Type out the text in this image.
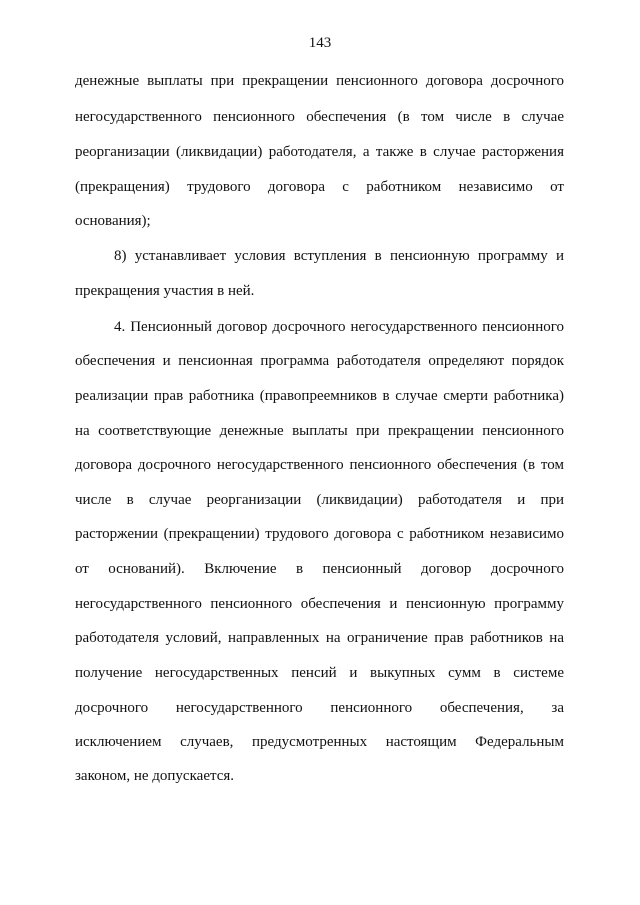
143
денежные выплаты при прекращении пенсионного договора досрочного
негосударственного пенсионного обеспечения (в том числе в случае
реорганизации (ликвидации) работодателя, а также в случае расторжения
(прекращения) трудового договора с работником независимо от
основания);
8) устанавливает условия вступления в пенсионную программу и
прекращения участия в ней.
4. Пенсионный договор досрочного негосударственного пенсионного
обеспечения и пенсионная программа работодателя определяют порядок
реализации прав работника (правопреемников в случае смерти работника)
на соответствующие денежные выплаты при прекращении пенсионного
договора досрочного негосударственного пенсионного обеспечения (в том
числе в случае реорганизации (ликвидации) работодателя и при
расторжении (прекращении) трудового договора с работником независимо
от оснований). Включение в пенсионный договор досрочного
негосударственного пенсионного обеспечения и пенсионную программу
работодателя условий, направленных на ограничение прав работников на
получение негосударственных пенсий и выкупных сумм в системе
досрочного негосударственного пенсионного обеспечения, за
исключением случаев, предусмотренных настоящим Федеральным
законом, не допускается.
